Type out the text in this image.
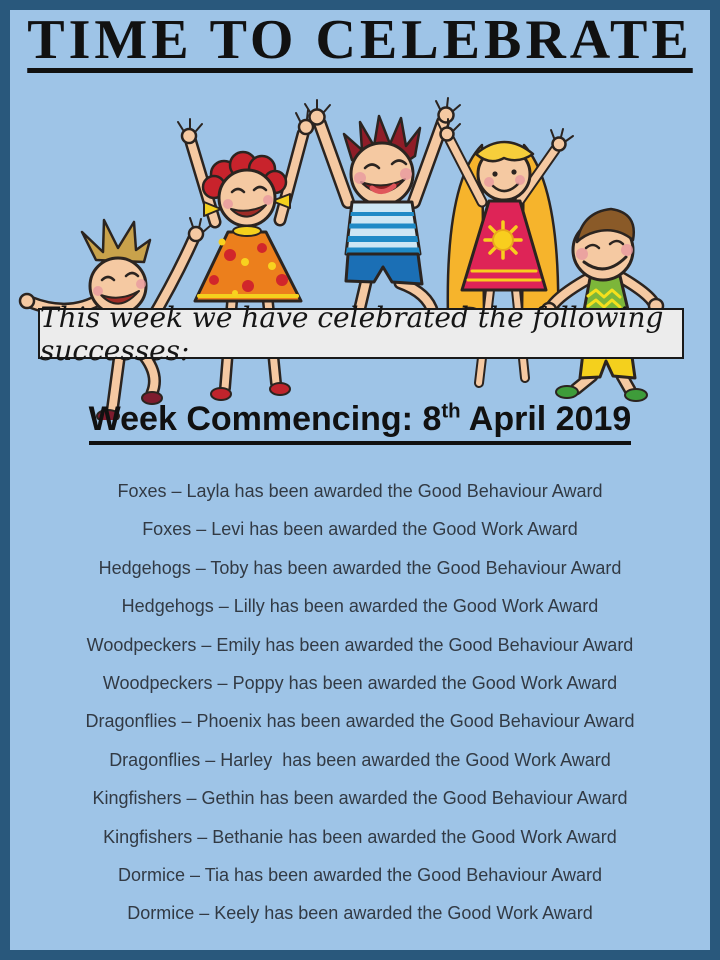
TIME TO CELEBRATE
This week we have celebrated the following successes:
Week Commencing: 8th April 2019
Foxes – Layla has been awarded the Good Behaviour Award
Foxes – Levi has been awarded the Good Work Award
Hedgehogs – Toby has been awarded the Good Behaviour Award
Hedgehogs – Lilly has been awarded the Good Work Award
Woodpeckers – Emily has been awarded the Good Behaviour Award
Woodpeckers – Poppy has been awarded the Good Work Award
Dragonflies – Phoenix has been awarded the Good Behaviour Award
Dragonflies – Harley  has been awarded the Good Work Award
Kingfishers – Gethin has been awarded the Good Behaviour Award
Kingfishers – Bethanie has been awarded the Good Work Award
Dormice – Tia has been awarded the Good Behaviour Award
Dormice – Keely has been awarded the Good Work Award
